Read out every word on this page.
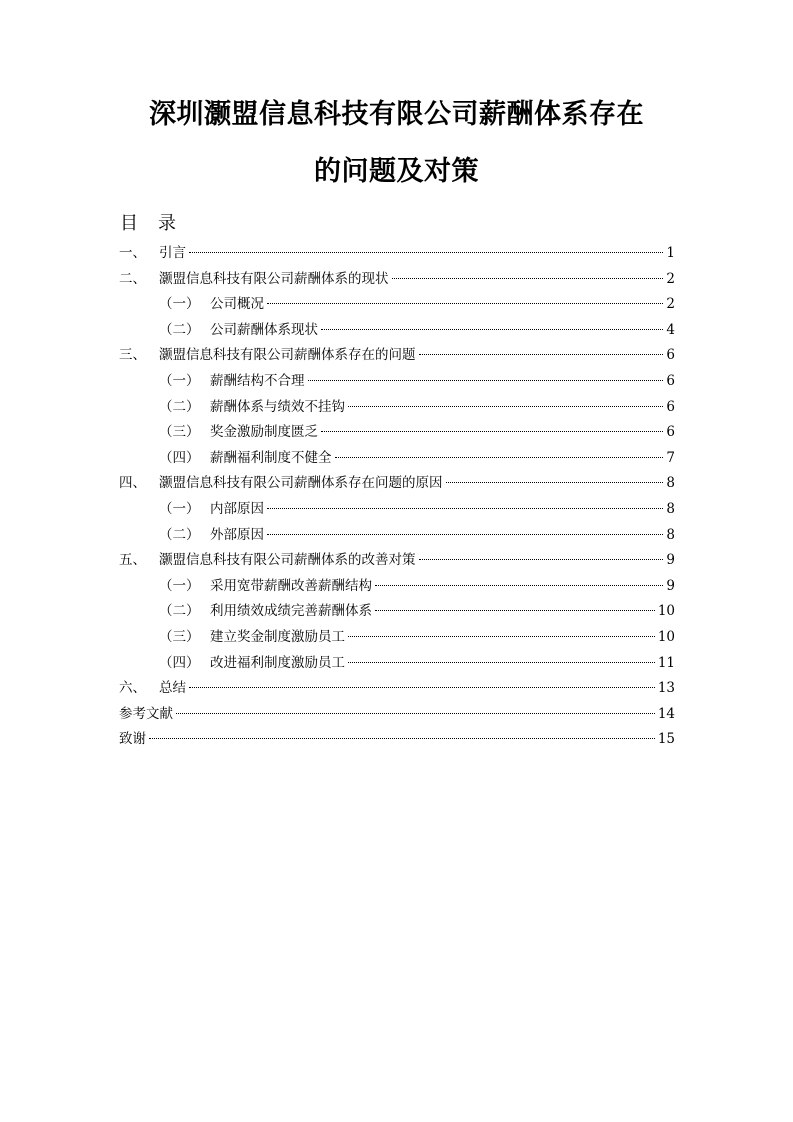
深圳灏盟信息科技有限公司薪酬体系存在
的问题及对策
目 录
一、 引言	1
二、 灏盟信息科技有限公司薪酬体系的现状	2
（一） 公司概况	2
（二） 公司薪酬体系现状	4
三、 灏盟信息科技有限公司薪酬体系存在的问题	6
（一） 薪酬结构不合理	6
（二） 薪酬体系与绩效不挂钩	6
（三） 奖金激励制度匮乏	6
（四） 薪酬福利制度不健全	7
四、 灏盟信息科技有限公司薪酬体系存在问题的原因	8
（一） 内部原因	8
（二） 外部原因	8
五、 灏盟信息科技有限公司薪酬体系的改善对策	9
（一） 采用宽带薪酬改善薪酬结构	9
（二） 利用绩效成绩完善薪酬体系	10
（三） 建立奖金制度激励员工	10
（四） 改进福利制度激励员工	11
六、 总结	13
参考文献	14
致谢	15
